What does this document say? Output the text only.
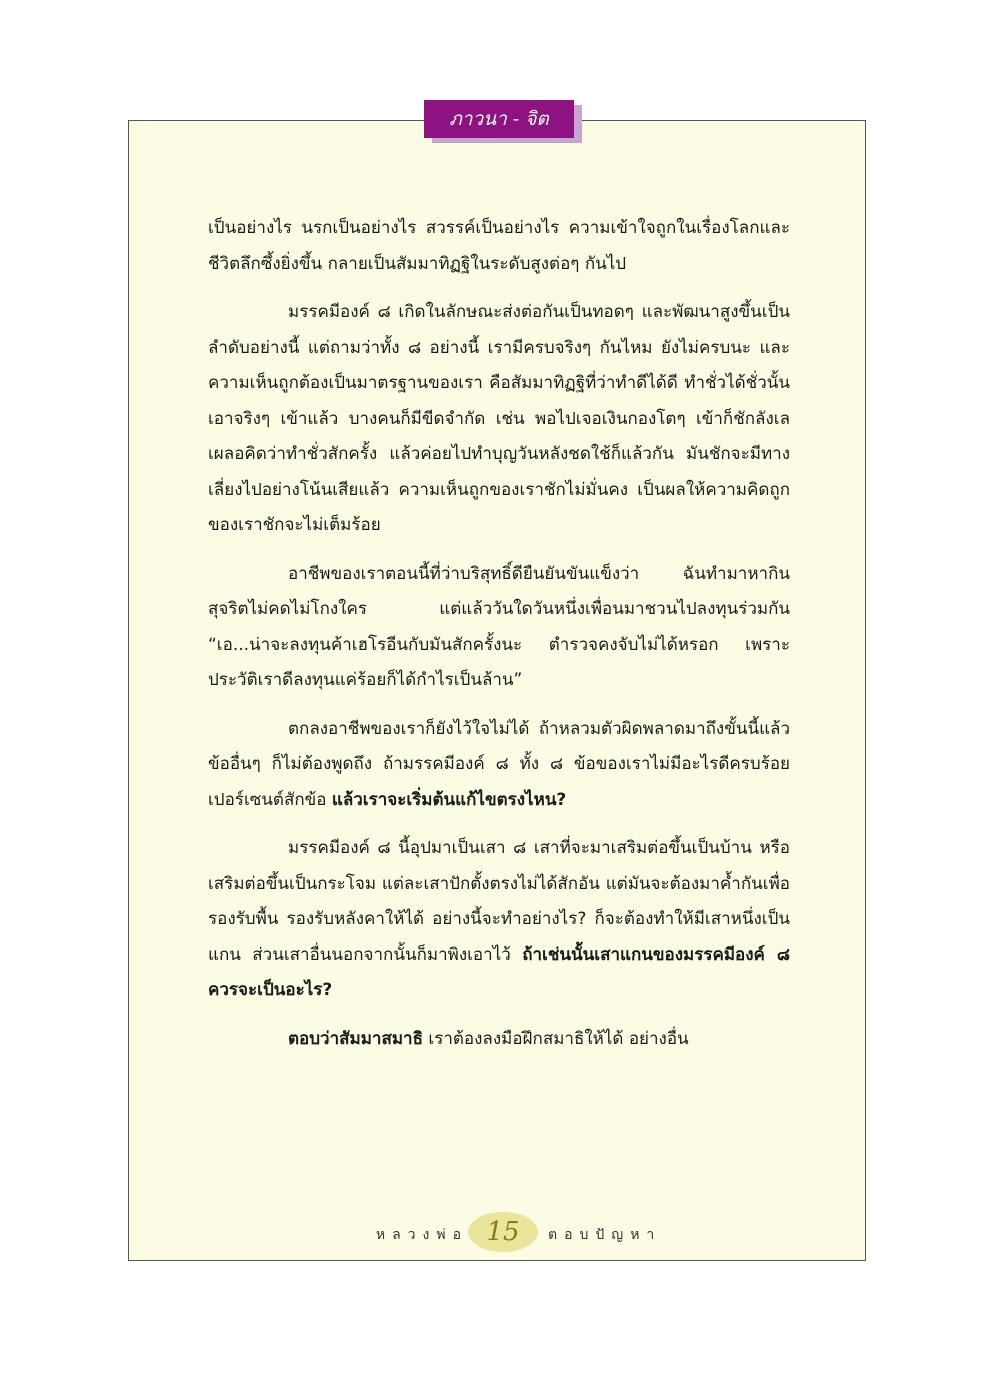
ภาวนา - จิต

เป็นอย่างไร นรกเป็นอย่างไร สวรรค์เป็นอย่างไร ความเข้าใจถูกในเรื่องโลกและชีวิตลึกซึ้งยิ่งขึ้น กลายเป็นสัมมาทิฏฐิในระดับสูงต่อๆ กันไป

มรรคมีองค์ ๘ เกิดในลักษณะส่งต่อกันเป็นทอดๆ และพัฒนาสูงขึ้นเป็นลำดับอย่างนี้ แต่ถามว่าทั้ง ๘ อย่างนี้ เรามีครบจริงๆ กันไหม ยังไม่ครบนะ และความเห็นถูกต้องเป็นมาตรฐานของเรา คือสัมมาทิฏฐิที่ว่าทำดีได้ดี ทำชั่วได้ชั่วนั้น เอาจริงๆ เข้าแล้ว บางคนก็มีขีดจำกัด เช่น พอไปเจอเงินกองโตๆ เข้าก็ชักลังเล เผลอคิดว่าทำชั่วสักครั้ง แล้วค่อยไปทำบุญวันหลังชดใช้ก็แล้วกัน มันชักจะมีทางเลี่ยงไปอย่างโน้นเสียแล้ว ความเห็นถูกของเราชักไม่มั่นคง เป็นผลให้ความคิดถูกของเราชักจะไม่เต็มร้อย

อาชีพของเราตอนนี้ที่ว่าบริสุทธิ์ดียืนยันขันแข็งว่า ฉันทำมาหากินสุจริตไม่คดไม่โกงใคร แต่แล้ววันใดวันหนึ่งเพื่อนมาชวนไปลงทุนร่วมกัน “เอ...น่าจะลงทุนค้าเฮโรอีนกับมันสักครั้งนะ ตำรวจคงจับไม่ได้หรอก เพราะประวัติเราดีลงทุนแค่ร้อยก็ได้กำไรเป็นล้าน”

ตกลงอาชีพของเราก็ยังไว้ใจไม่ได้ ถ้าหลวมตัวผิดพลาดมาถึงขั้นนี้แล้ว ข้ออื่นๆ ก็ไม่ต้องพูดถึง ถ้ามรรคมีองค์ ๘ ทั้ง ๘ ข้อของเราไม่มีอะไรดีครบร้อยเปอร์เซนต์สักข้อ แล้วเราจะเริ่มต้นแก้ไขตรงไหน?

มรรคมีองค์ ๘ นี้อุปมาเป็นเสา ๘ เสาที่จะมาเสริมต่อขึ้นเป็นบ้าน หรือเสริมต่อขึ้นเป็นกระโจม แต่ละเสาปักตั้งตรงไม่ได้สักอัน แต่มันจะต้องมาค้ำกันเพื่อรองรับพื้น รองรับหลังคาให้ได้ อย่างนี้จะทำอย่างไร? ก็จะต้องทำให้มีเสาหนึ่งเป็นแกน ส่วนเสาอื่นนอกจากนั้นก็มาพิงเอาไว้ ถ้าเช่นนั้นเสาแกนของมรรคมีองค์ ๘ ควรจะเป็นอะไร?

ตอบว่าสัมมาสมาธิ เราต้องลงมือฝึกสมาธิให้ได้ อย่างอื่น

หลวงพ่อ 15	ตอบปัญหา
